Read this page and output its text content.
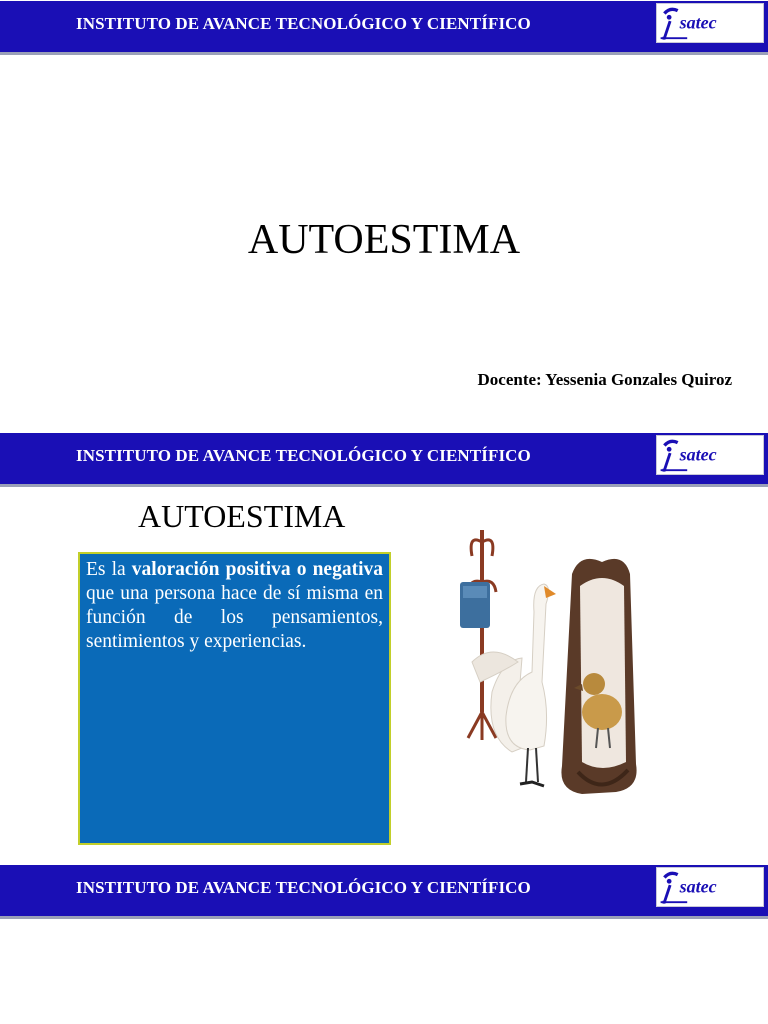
INSTITUTO DE AVANCE TECNOLÓGICO Y CIENTÍFICO	satec
AUTOESTIMA
Docente: Yessenia Gonzales Quiroz
INSTITUTO DE AVANCE TECNOLÓGICO Y CIENTÍFICO	satec
AUTOESTIMA
Es la valoración positiva o negativa que una persona hace de sí misma en función de los pensamientos, sentimientos y experiencias.
INSTITUTO DE AVANCE TECNOLÓGICO Y CIENTÍFICO	satec
